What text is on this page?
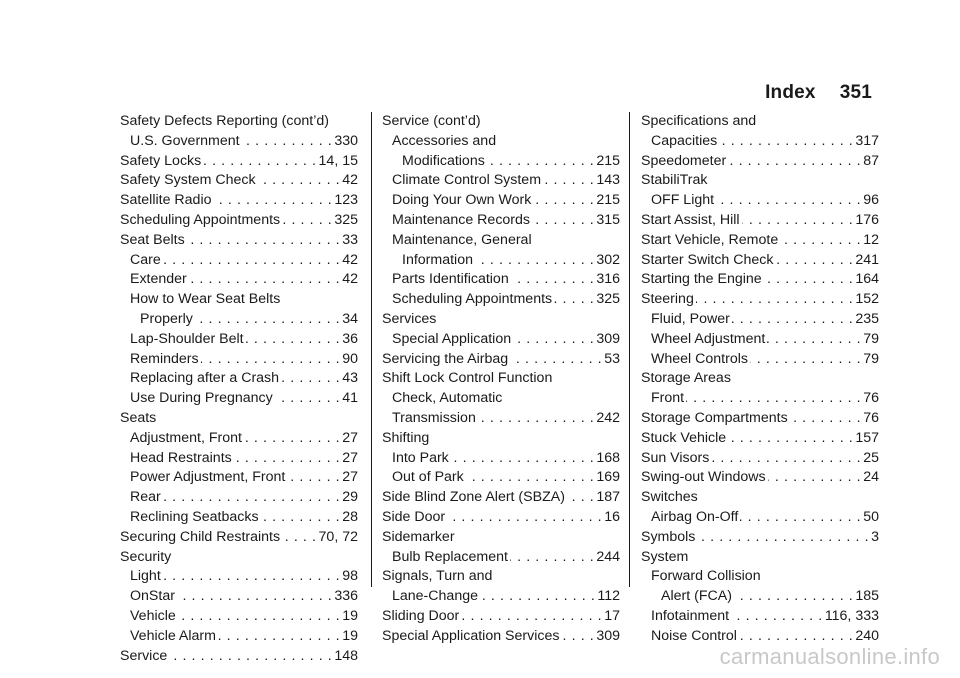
Index 351
Safety Defects Reporting (cont’d)
U.S. Government . . .	330
Safety Locks . . .	14, 15
Safety System Check . . .	42
Satellite Radio . . .	123
Scheduling Appointments . . .	325
Seat Belts . . .	33
Care . . .	42
Extender . . .	42
How to Wear Seat Belts
Properly . . .	34
Lap-Shoulder Belt . . .	36
Reminders . . .	90
Replacing after a Crash . . .	43
Use During Pregnancy . . .	41
Seats
Adjustment, Front . . .	27
Head Restraints . . .	27
Power Adjustment, Front . . .	27
Rear . . .	29
Reclining Seatbacks . . .	28
Securing Child Restraints . . .	70, 72
Security
Light . . .	98
OnStar . . .	336
Vehicle . . .	19
Vehicle Alarm . . .	19
Service . . .	148
Service (cont’d)
Accessories and
Modifications . . .	215
Climate Control System . . .	143
Doing Your Own Work . . .	215
Maintenance Records . . .	315
Maintenance, General
Information . . .	302
Parts Identification . . .	316
Scheduling Appointments . . .	325
Services
Special Application . . .	309
Servicing the Airbag . . .	53
Shift Lock Control Function
Check, Automatic
Transmission . . .	242
Shifting
Into Park . . .	168
Out of Park . . .	169
Side Blind Zone Alert (SBZA) . . . 187
Side Door . . .	16
Sidemarker
Bulb Replacement . . .	244
Signals, Turn and
Lane-Change . . .	112
Sliding Door . . .	17
Special Application Services . . .	309
Specifications and
Capacities . . .	317
Speedometer . . .	87
StabiliTrak
OFF Light . . .	96
Start Assist, Hill . . .	176
Start Vehicle, Remote . . .	12
Starter Switch Check . . .	241
Starting the Engine . . .	164
Steering . . .	152
Fluid, Power . . .	235
Wheel Adjustment . . .	79
Wheel Controls . . .	79
Storage Areas
Front . . .	76
Storage Compartments . . .	76
Stuck Vehicle . . .	157
Sun Visors . . .	25
Swing-out Windows . . .	24
Switches
Airbag On-Off . . .	50
Symbols . . .	3
System
Forward Collision
Alert (FCA) . . .	185
Infotainment . . .	116, 333
Noise Control . . .	240
carmanualsonline.info
